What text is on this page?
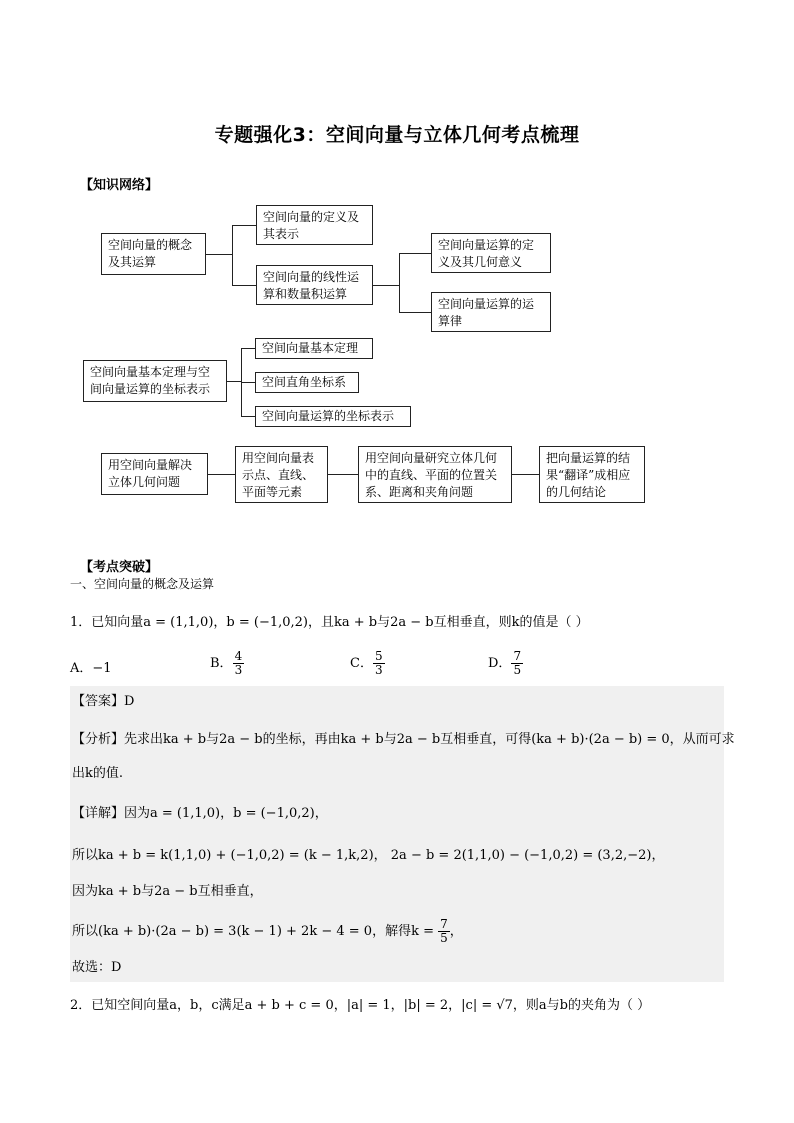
专题强化3：空间向量与立体几何考点梳理
【知识网络】
空间向量的概念及其运算
空间向量的定义及其表示
空间向量的线性运算和数量积运算
空间向量运算的定义及其几何意义
空间向量运算的运算律
空间向量基本定理与空间向量运算的坐标表示
空间向量基本定理
空间直角坐标系
空间向量运算的坐标表示
用空间向量解决立体几何问题
用空间向量表示点、直线、平面等元素
用空间向量研究立体几何中的直线、平面的位置关系、距离和夹角问题
把向量运算的结果“翻译”成相应的几何结论
【考点突破】
一、空间向量的概念及运算
1．已知向量a = (1,1,0)，b = (−1,0,2)，且ka + b与2a − b互相垂直，则k的值是（ ）
A．−1	B． $\frac{4}{3}$	C． $\frac{5}{3}$	D． $\frac{7}{5}$
【答案】D
【分析】先求出ka + b与2a − b的坐标，再由ka + b与2a − b互相垂直，可得(ka + b)·(2a − b) = 0，从而可求
出k的值.
【详解】因为a = (1,1,0)，b = (−1,0,2)，
所以ka + b = k(1,1,0) + (−1,0,2) = (k − 1,k,2)， 2a − b = 2(1,1,0) − (−1,0,2) = (3,2,−2)，
因为ka + b与2a − b互相垂直，
所以(ka + b)·(2a − b) = 3(k − 1) + 2k − 4 = 0，解得$k = \frac{7}{5}$ ，
故选：D
2．已知空间向量a，b，c满足a + b + c = 0，|a| = 1，|b| = 2，|c| = √7，则a与b的夹角为（ ）
